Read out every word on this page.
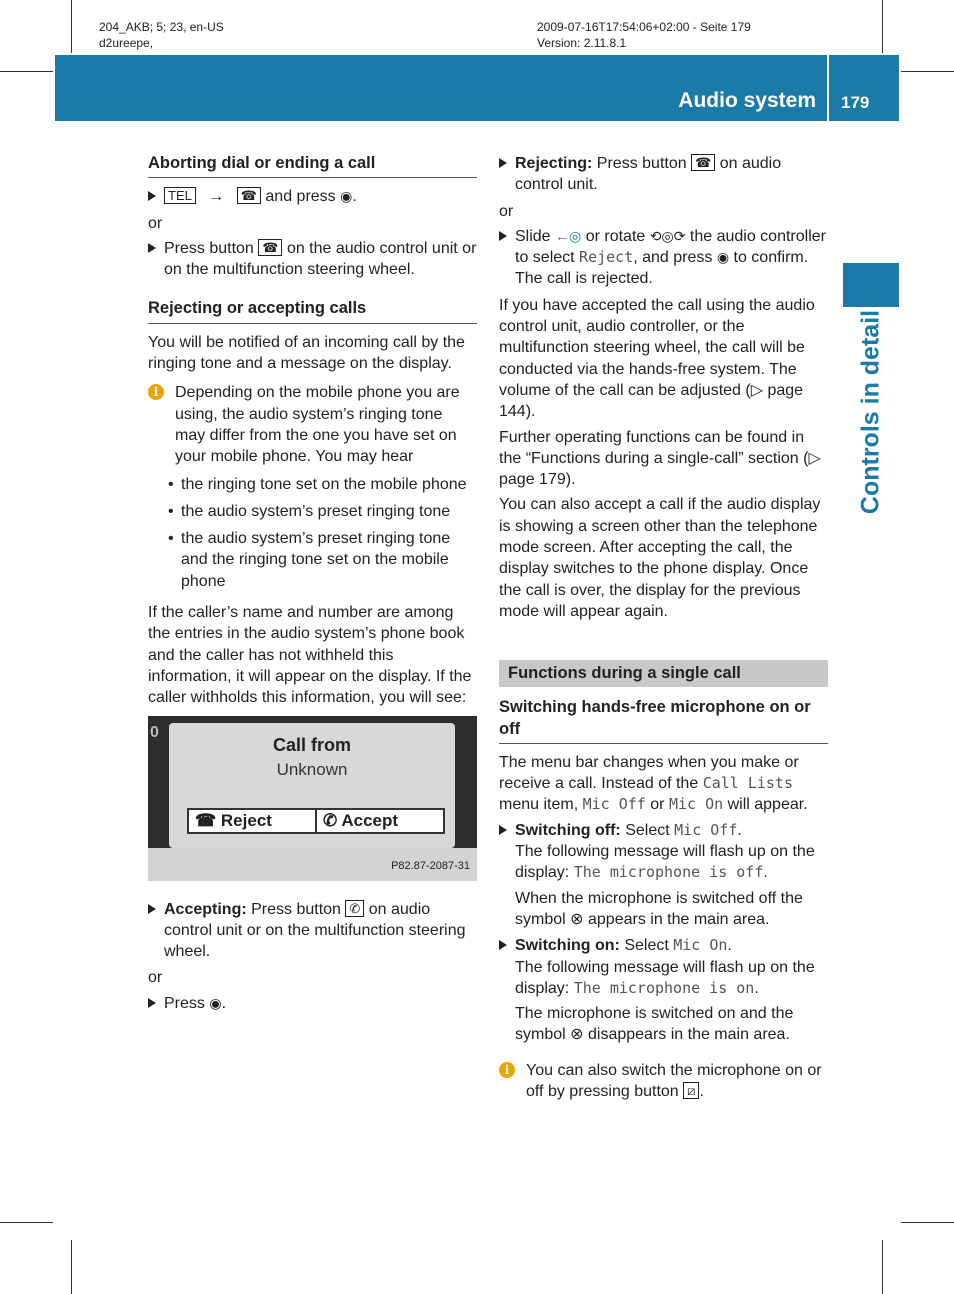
204_AKB; 5; 23, en-US
d2ureepe,
2009-07-16T17:54:06+02:00 - Seite 179
Version: 2.11.8.1
Audio system 179
Controls in detail
Aborting dial or ending a call
TEL → ☎ and press ◉.

or

Press button ☎ on the audio control unit or on the multifunction steering wheel.
Rejecting or accepting calls

You will be notified of an incoming call by the ringing tone and a message on the display.

i	Depending on the mobile phone you are using, the audio system’s ringing tone may differ from the one you have set on your mobile phone. You may hear
• the ringing tone set on the mobile phone
• the audio system’s preset ringing tone
• the audio system’s preset ringing tone and the ringing tone set on the mobile phone

If the caller’s name and number are among the entries in the audio system’s phone book and the caller has not withheld this information, it will appear on the display. If the caller withholds this information, you will see:

0
Call from
Unknown
☎ Reject	✆ Accept
P82.87-2087-31
Accepting: Press button ✆ on audio control unit or on the multifunction steering wheel.

or

Press ◉.
Rejecting: Press button ☎ on audio control unit.

or

Slide ←◎ or rotate ⟲◎⟳ the audio controller to select Reject, and press ◉ to confirm.
The call is rejected.

If you have accepted the call using the audio control unit, audio controller, or the multifunction steering wheel, the call will be conducted via the hands-free system. The volume of the call can be adjusted (▷ page 144).

Further operating functions can be found in the “Functions during a single-call” section (▷ page 179).

You can also accept a call if the audio display is showing a screen other than the telephone mode screen. After accepting the call, the display switches to the phone display. Once the call is over, the display for the previous mode will appear again.

Functions during a single call
Switching hands-free microphone on or off

The menu bar changes when you make or receive a call. Instead of the Call Lists menu item, Mic Off or Mic On will appear.

Switching off: Select Mic Off.
The following message will flash up on the display: The microphone is off.
When the microphone is switched off the symbol ⊗ appears in the main area.
Switching on: Select Mic On.
The following message will flash up on the display: The microphone is on.
The microphone is switched on and the symbol ⊗ disappears in the main area.
i	You can also switch the microphone on or off by pressing button ⧄ .
